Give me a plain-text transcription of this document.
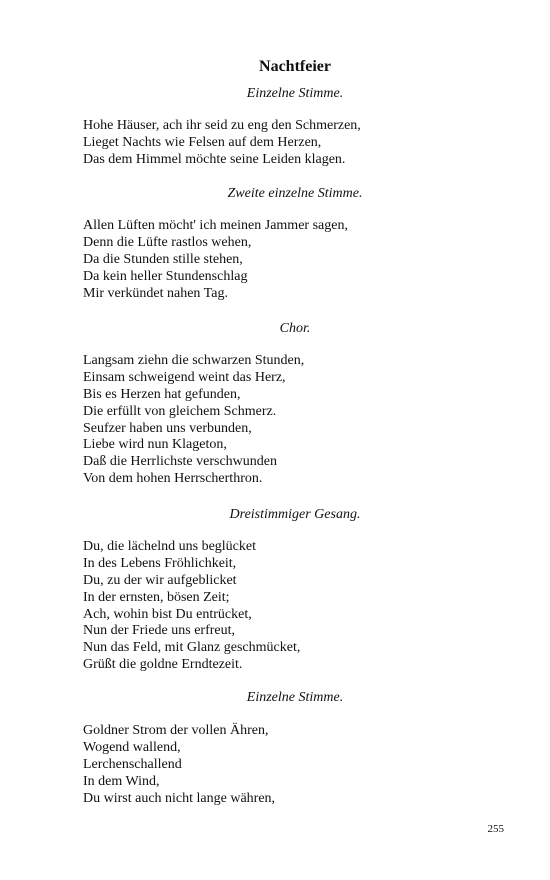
Nachtfeier
Einzelne Stimme.
Hohe Häuser, ach ihr seid zu eng den Schmerzen,
Lieget Nachts wie Felsen auf dem Herzen,
Das dem Himmel möchte seine Leiden klagen.
Zweite einzelne Stimme.
Allen Lüften möcht' ich meinen Jammer sagen,
Denn die Lüfte rastlos wehen,
Da die Stunden stille stehen,
Da kein heller Stundenschlag
Mir verkündet nahen Tag.
Chor.
Langsam ziehn die schwarzen Stunden,
Einsam schweigend weint das Herz,
Bis es Herzen hat gefunden,
Die erfüllt von gleichem Schmerz.
Seufzer haben uns verbunden,
Liebe wird nun Klageton,
Daß die Herrlichste verschwunden
Von dem hohen Herrscherthron.
Dreistimmiger Gesang.
Du, die lächelnd uns beglücket
In des Lebens Fröhlichkeit,
Du, zu der wir aufgeblicket
In der ernsten, bösen Zeit;
Ach, wohin bist Du entrücket,
Nun der Friede uns erfreut,
Nun das Feld, mit Glanz geschmücket,
Grüßt die goldne Erndtezeit.
Einzelne Stimme.
Goldner Strom der vollen Ähren,
Wogend wallend,
Lerchenschallend
In dem Wind,
Du wirst auch nicht lange währen,
255
